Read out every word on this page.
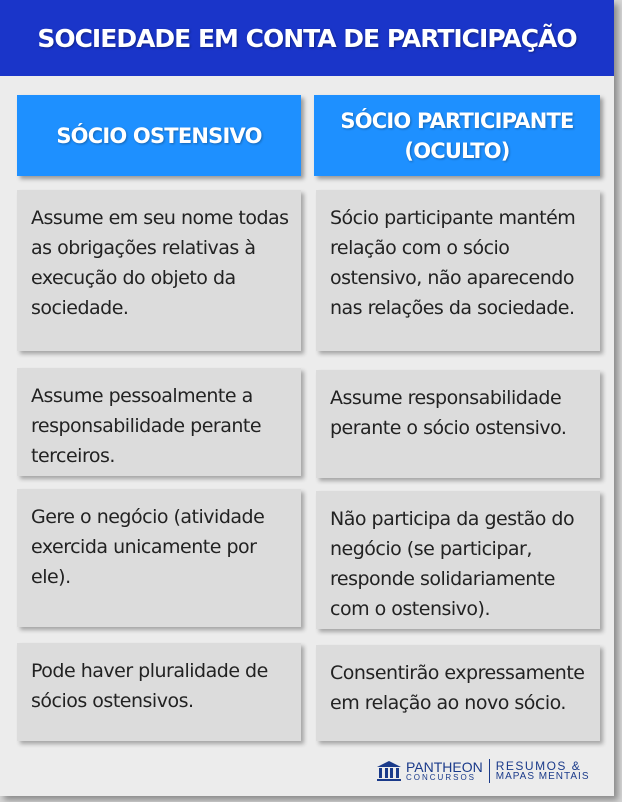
SOCIEDADE EM CONTA DE PARTICIPAÇÃO
SÓCIO OSTENSIVO
SÓCIO PARTICIPANTE
(OCULTO)
Assume em seu nome todas as obrigações relativas à execução do objeto da sociedade.
Sócio participante mantém relação com o sócio ostensivo, não aparecendo nas relações da sociedade.
Assume pessoalmente a responsabilidade perante terceiros.
Assume responsabilidade perante o sócio ostensivo.
Gere o negócio (atividade exercida unicamente por ele).
Não participa da gestão do negócio (se participar, responde solidariamente com o ostensivo).
Pode haver pluralidade de sócios ostensivos.
Consentirão expressamente em relação ao novo sócio.
PANTHEON
CONCURSOS
RESUMOS &
MAPAS MENTAIS
